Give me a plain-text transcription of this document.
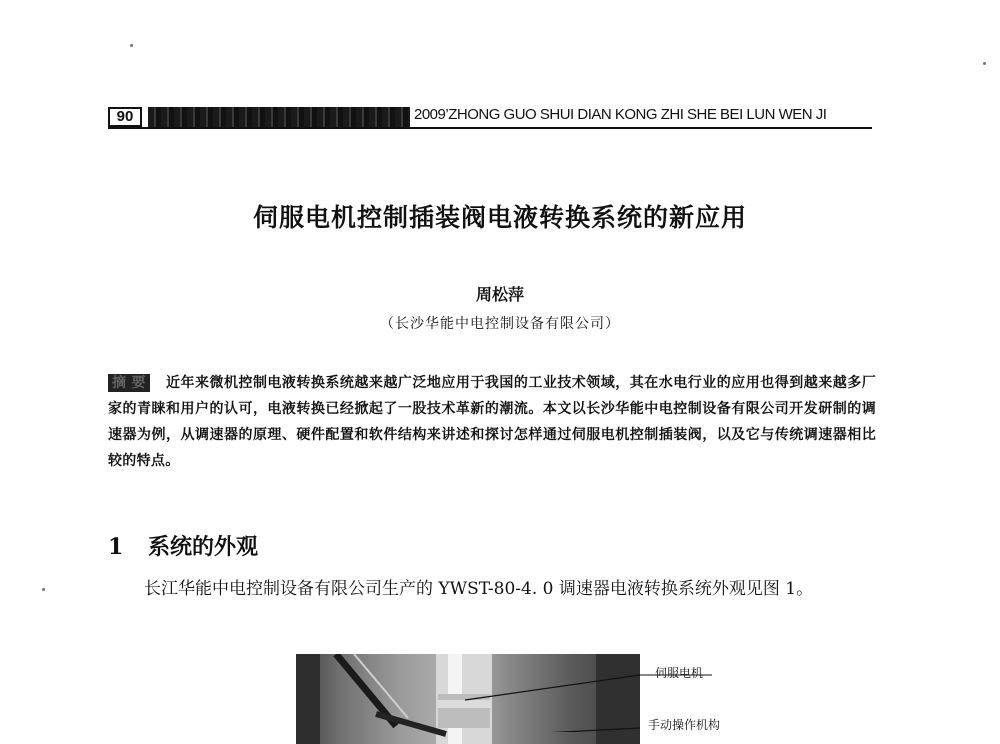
90	2009’ZHONG GUO SHUI DIAN KONG ZHI SHE BEI LUN WEN JI
伺服电机控制插装阀电液转换系统的新应用
周松萍
（长沙华能中电控制设备有限公司）
摘 要 近年来微机控制电液转换系统越来越广泛地应用于我国的工业技术领域，其在水电行业的应用也得到越来越多厂家的青睐和用户的认可，电液转换已经掀起了一股技术革新的潮流。本文以长沙华能中电控制设备有限公司开发研制的调速器为例，从调速器的原理、硬件配置和软件结构来讲述和探讨怎样通过伺服电机控制插装阀，以及它与传统调速器相比较的特点。
1 系统的外观
长江华能中电控制设备有限公司生产的 YWST-80-4. 0 调速器电液转换系统外观见图 1。
伺服电机
手动操作机构
